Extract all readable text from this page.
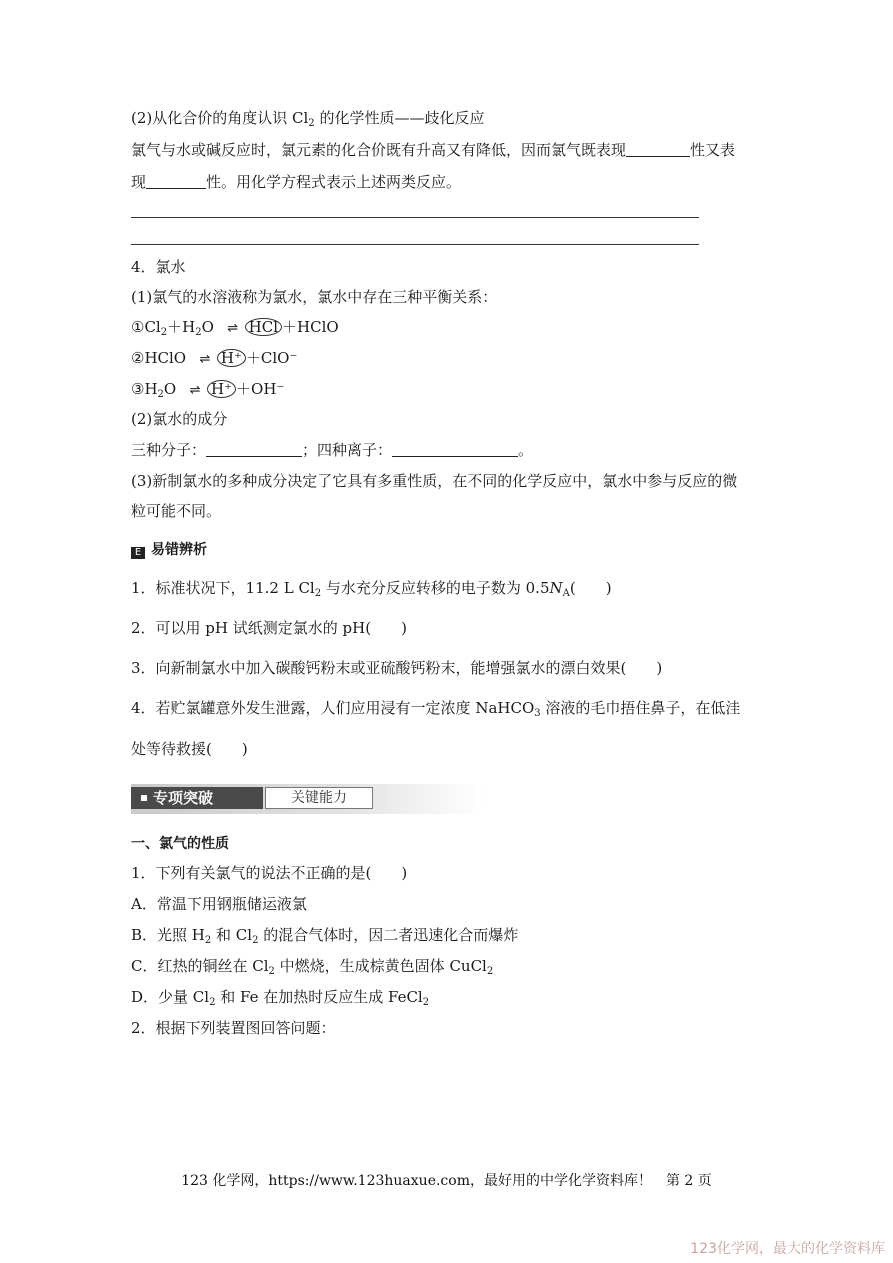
(2)从化合价的角度认识 $Cl_2$ 的化学性质——歧化反应
氯气与水或碱反应时，氯元素的化合价既有升高又有降低，因而氯气既表现	性又表
现	性。用化学方程式表示上述两类反应。
4．氯水
(1)氯气的水溶液称为氯水，氯水中存在三种平衡关系：
$①Cl_2+H_2O$ ⇌ HCl ＋HClO
②HClO ⇌ H⁺ ＋ClO⁻
$③H_2O$ ⇌ H⁺ ＋OH⁻
(2)氯水的成分
三种分子：	；四种离子：	。
(3)新制氯水的多种成分决定了它具有多重性质，在不同的化学反应中，氯水中参与反应的微
粒可能不同。
E 易错辨析
1．标准状况下，11.2 L $Cl_2$ 与水充分反应转移的电子数为 $0.5N_A$(　　)
2．可以用 pH 试纸测定氯水的 pH(　　)
3．向新制氯水中加入碳酸钙粉末或亚硫酸钙粉末，能增强氯水的漂白效果(　　)
4．若贮氯罐意外发生泄露，人们应用浸有一定浓度 NaHCO$_3$ 溶液的毛巾捂住鼻子，在低洼
处等待救援(　　)
专项突破	关键能力
一、氯气的性质
1．下列有关氯气的说法不正确的是(　　)
A．常温下用钢瓶储运液氯
B．光照 $H_2$ 和 $Cl_2$ 的混合气体时，因二者迅速化合而爆炸
C．红热的铜丝在 $Cl_2$ 中燃烧，生成棕黄色固体 CuCl$_2$
D．少量 $Cl_2$ 和 Fe 在加热时反应生成 FeCl$_2$
2．根据下列装置图回答问题：
123 化学网，https://www.123huaxue.com，最好用的中学化学资料库！　第 2 页
123化学网，最大的化学资料库
